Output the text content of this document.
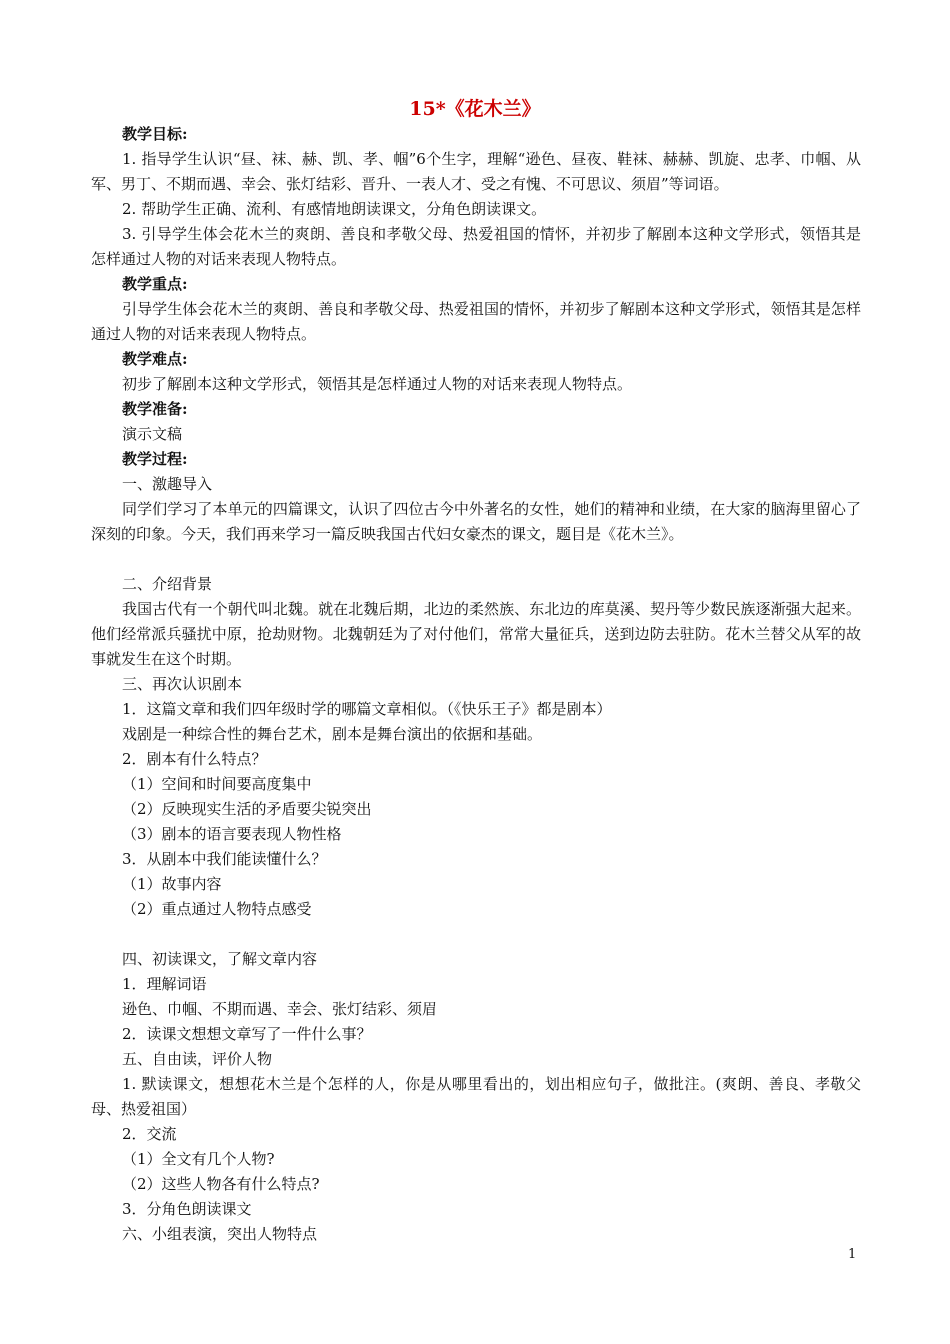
15*《花木兰》

教学目标:

1. 指导学生认识“昼、袜、赫、凯、孝、帼”6个生字，理解“逊色、昼夜、鞋袜、赫赫、凯旋、忠孝、巾帼、从军、男丁、不期而遇、幸会、张灯结彩、晋升、一表人才、受之有愧、不可思议、须眉”等词语。

2. 帮助学生正确、流利、有感情地朗读课文，分角色朗读课文。

3. 引导学生体会花木兰的爽朗、善良和孝敬父母、热爱祖国的情怀，并初步了解剧本这种文学形式，领悟其是怎样通过人物的对话来表现人物特点。

教学重点:

引导学生体会花木兰的爽朗、善良和孝敬父母、热爱祖国的情怀，并初步了解剧本这种文学形式，领悟其是怎样通过人物的对话来表现人物特点。

教学难点:

初步了解剧本这种文学形式，领悟其是怎样通过人物的对话来表现人物特点。

教学准备:

演示文稿

教学过程:

一、激趣导入

同学们学习了本单元的四篇课文，认识了四位古今中外著名的女性，她们的精神和业绩，在大家的脑海里留心了深刻的印象。今天，我们再来学习一篇反映我国古代妇女豪杰的课文，题目是《花木兰》。

二、介绍背景

我国古代有一个朝代叫北魏。就在北魏后期，北边的柔然族、东北边的库莫溪、契丹等少数民族逐渐强大起来。他们经常派兵骚扰中原，抢劫财物。北魏朝廷为了对付他们，常常大量征兵，送到边防去驻防。花木兰替父从军的故事就发生在这个时期。

三、再次认识剧本

1．这篇文章和我们四年级时学的哪篇文章相似。（《快乐王子》都是剧本）

戏剧是一种综合性的舞台艺术，剧本是舞台演出的依据和基础。

2．剧本有什么特点？

（1）空间和时间要高度集中

（2）反映现实生活的矛盾要尖锐突出

（3）剧本的语言要表现人物性格

3．从剧本中我们能读懂什么？

（1）故事内容

（2）重点通过人物特点感受

四、初读课文，了解文章内容

1．理解词语

逊色、巾帼、不期而遇、幸会、张灯结彩、须眉

2．读课文想想文章写了一件什么事？

五、自由读，评价人物

1. 默读课文，想想花木兰是个怎样的人，你是从哪里看出的，划出相应句子，做批注。(爽朗、善良、孝敬父母、热爱祖国）

2．交流

（1）全文有几个人物?

（2）这些人物各有什么特点?

3．分角色朗读课文

六、小组表演，突出人物特点

1
